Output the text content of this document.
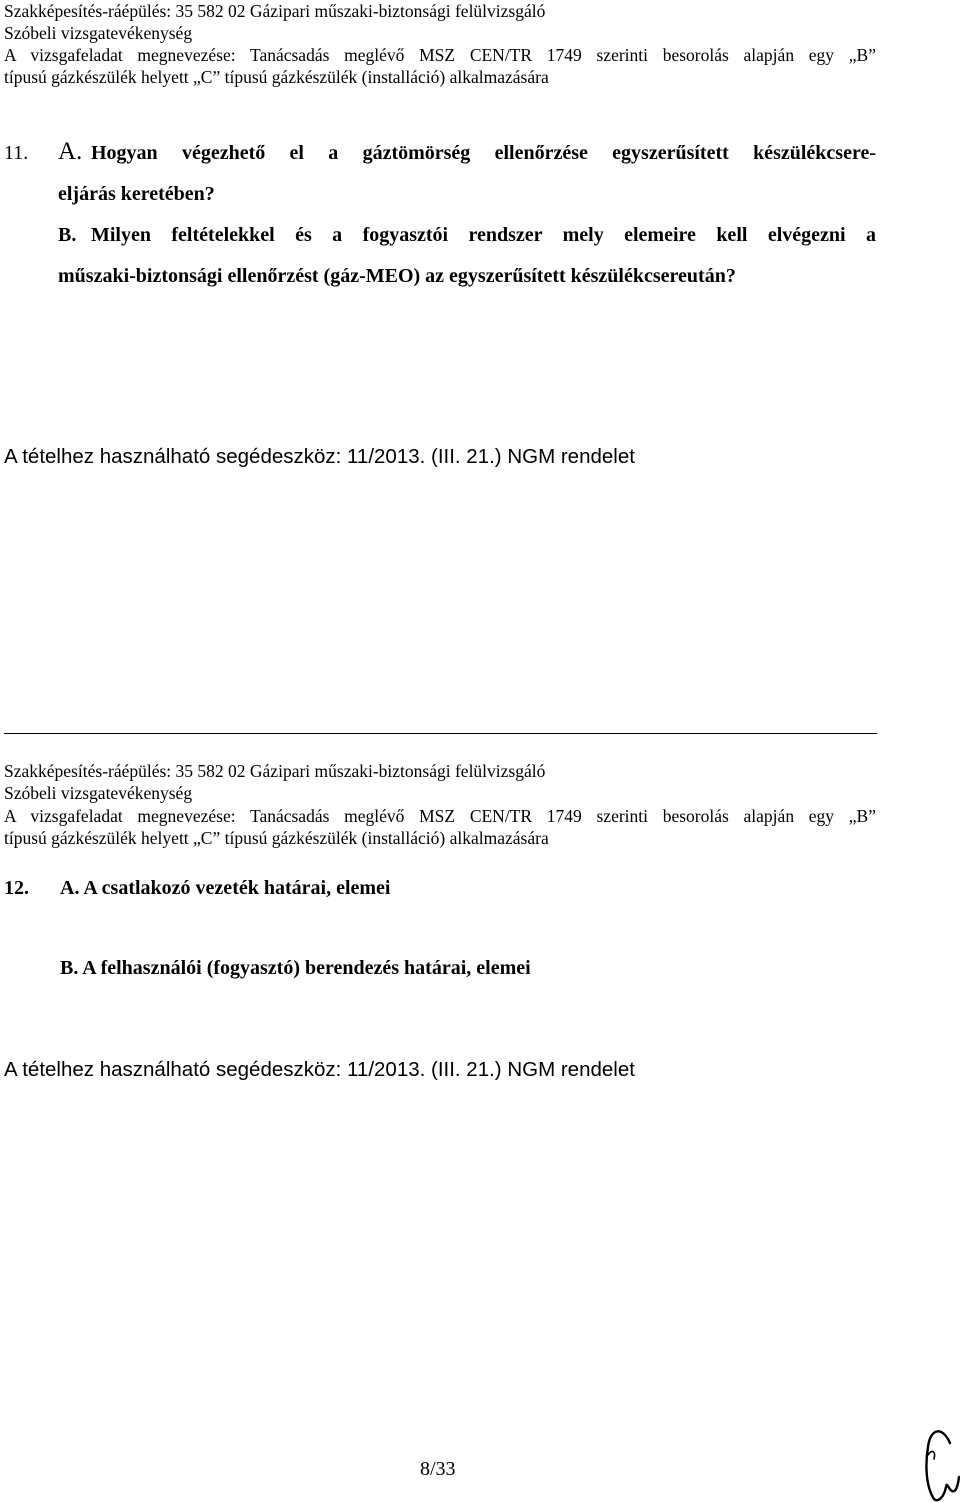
Szakképesítés-ráépülés: 35 582 02 Gázipari műszaki-biztonsági felülvizsgáló
Szóbeli vizsgatevékenység
A vizsgafeladat megnevezése: Tanácsadás meglévő MSZ CEN/TR 1749 szerinti besorolás alapján egy „B”
típusú gázkészülék helyett „C” típusú gázkészülék (installáció) alkalmazására
11. A. Hogyan végezhető el a gáztömörség ellenőrzése egyszerűsített készülékcsere-
eljárás keretében?
B. Milyen feltételekkel és a fogyasztói rendszer mely elemeire kell elvégezni a
műszaki-biztonsági ellenőrzést (gáz-MEO) az egyszerűsített készülékcsereután?
A tételhez használható segédeszköz: 11/2013. (III. 21.) NGM rendelet
Szakképesítés-ráépülés: 35 582 02 Gázipari műszaki-biztonsági felülvizsgáló
Szóbeli vizsgatevékenység
A vizsgafeladat megnevezése: Tanácsadás meglévő MSZ CEN/TR 1749 szerinti besorolás alapján egy „B”
típusú gázkészülék helyett „C” típusú gázkészülék (installáció) alkalmazására
12. A. A csatlakozó vezeték határai, elemei
B. A felhasználói (fogyasztó) berendezés határai, elemei
A tételhez használható segédeszköz: 11/2013. (III. 21.) NGM rendelet
8/33
